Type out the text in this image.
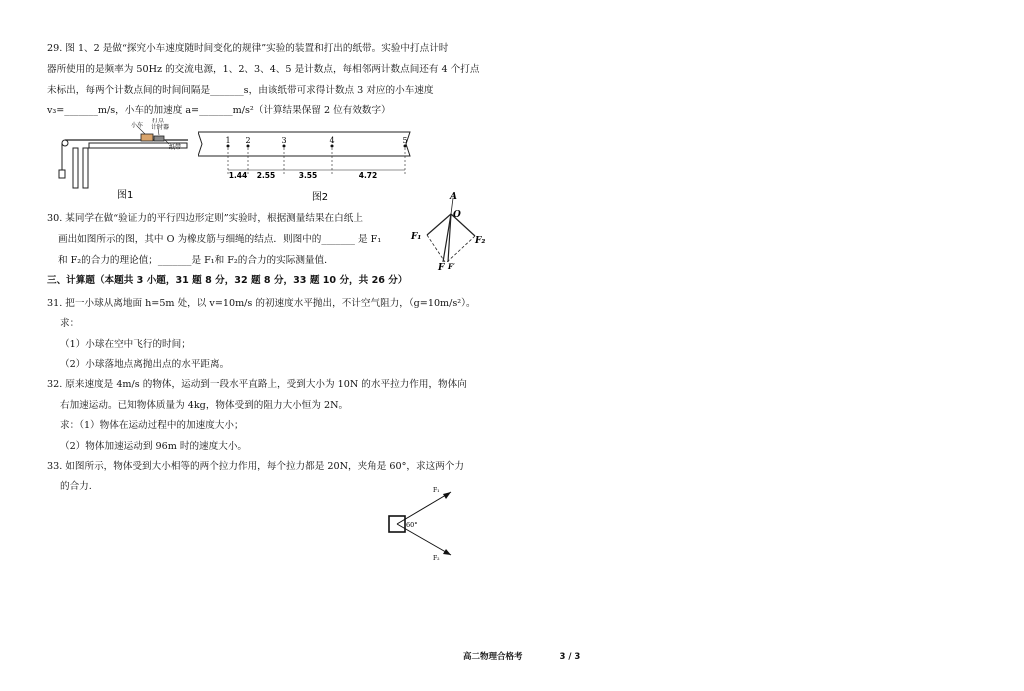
29. 图 1、2 是做“探究小车速度随时间变化的规律”实验的装置和打出的纸带。实验中打点计时
器所使用的是频率为 50Hz 的交流电源，1、2、3、4、5 是计数点，每相邻两计数点间还有 4 个打点
未标出，每两个计数点间的时间间隔是_______s，由该纸带可求得计数点 3 对应的小车速度
v₃=_______m/s，小车的加速度 a=_______m/s²（计算结果保留 2 位有效数字）
小车
打点
计时器
纸带
图1
1 2	3	4	5
1.44 2.55	3.55	4.72
图2
30. 某同学在做“验证力的平行四边形定则”实验时，根据测量结果在白纸上
画出如图所示的图，其中 O 为橡皮筋与细绳的结点．则图中的_______ 是 F₁
和 F₂的合力的理论值；_______是 F₁和 F₂的合力的实际测量值．
A
O
F₁	F₂
F F′
三、计算题（本题共 3 小题，31 题 8 分，32 题 8 分，33 题 10 分，共 26 分）
31. 把一小球从离地面 h=5m 处，以 v=10m/s 的初速度水平抛出，不计空气阻力，（g=10m/s²）。
求：
（1）小球在空中飞行的时间；
（2）小球落地点离抛出点的水平距离。
32. 原来速度是 4m/s 的物体，运动到一段水平直路上，受到大小为 10N 的水平拉力作用，物体向
右加速运动。已知物体质量为 4kg，物体受到的阻力大小恒为 2N。
求：（1）物体在运动过程中的加速度大小；
（2）物体加速运动到 96m 时的速度大小。
33. 如图所示，物体受到大小相等的两个拉力作用，每个拉力都是 20N，夹角是 60°，求这两个力
的合力.	F₁
F₂
60°
高二物理合格考	3 / 3
